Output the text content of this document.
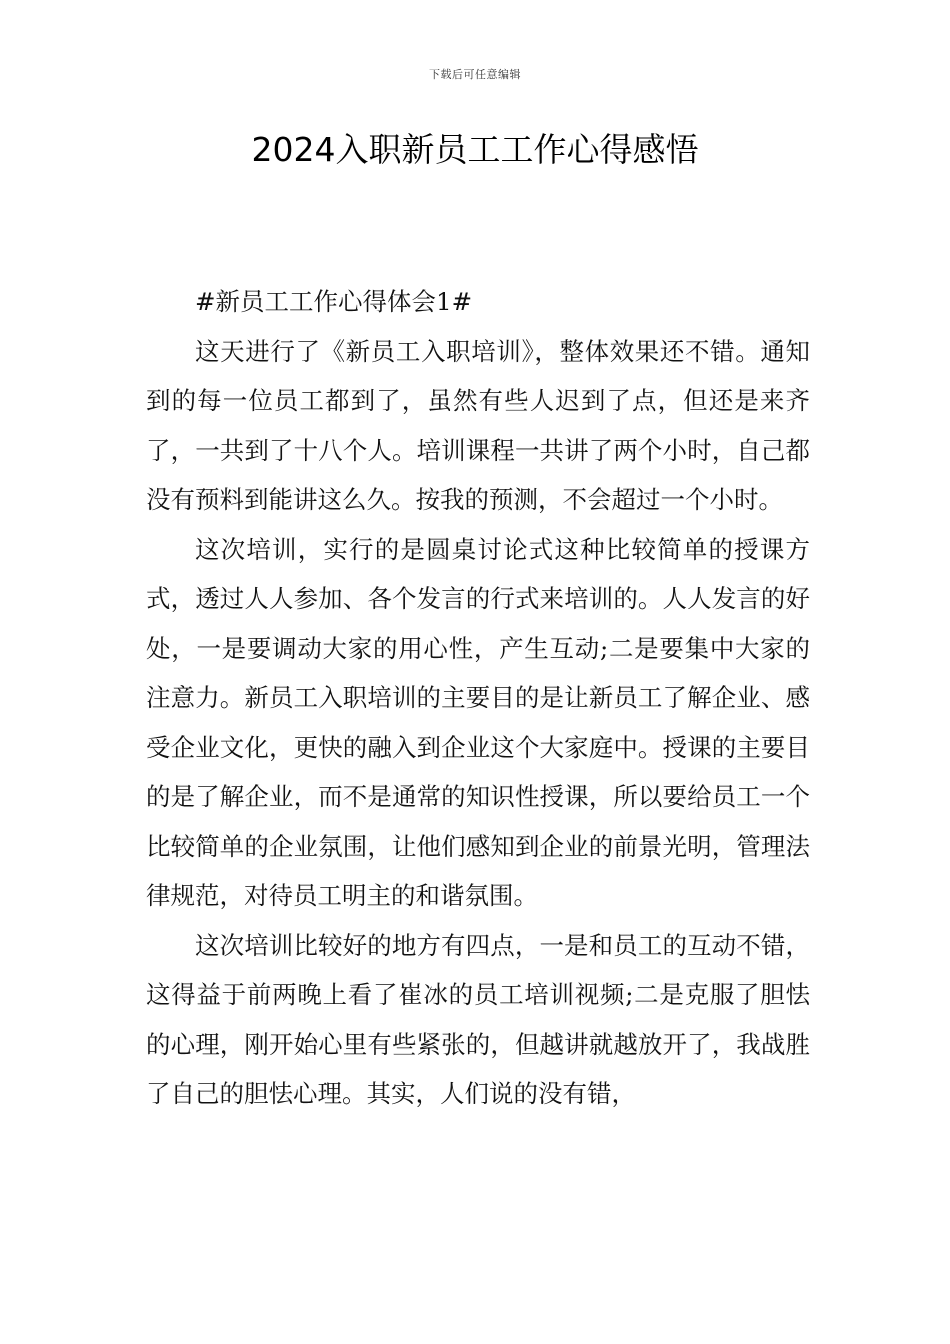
下载后可任意编辑
2024入职新员工工作心得感悟

#新员工工作心得体会1#

这天进行了《新员工入职培训》，整体效果还不错。通知到的每一位员工都到了，虽然有些人迟到了点，但还是来齐了，一共到了十八个人。培训课程一共讲了两个小时，自己都没有预料到能讲这么久。按我的预测，不会超过一个小时。

这次培训，实行的是圆桌讨论式这种比较简单的授课方式，透过人人参加、各个发言的行式来培训的。人人发言的好处，一是要调动大家的用心性，产生互动;二是要集中大家的注意力。新员工入职培训的主要目的是让新员工了解企业、感受企业文化，更快的融入到企业这个大家庭中。授课的主要目的是了解企业，而不是通常的知识性授课，所以要给员工一个比较简单的企业氛围，让他们感知到企业的前景光明，管理法律规范，对待员工明主的和谐氛围。

这次培训比较好的地方有四点，一是和员工的互动不错，这得益于前两晚上看了崔冰的员工培训视频;二是克服了胆怯的心理，刚开始心里有些紧张的，但越讲就越放开了，我战胜了自己的胆怯心理。其实，人们说的没有错，
